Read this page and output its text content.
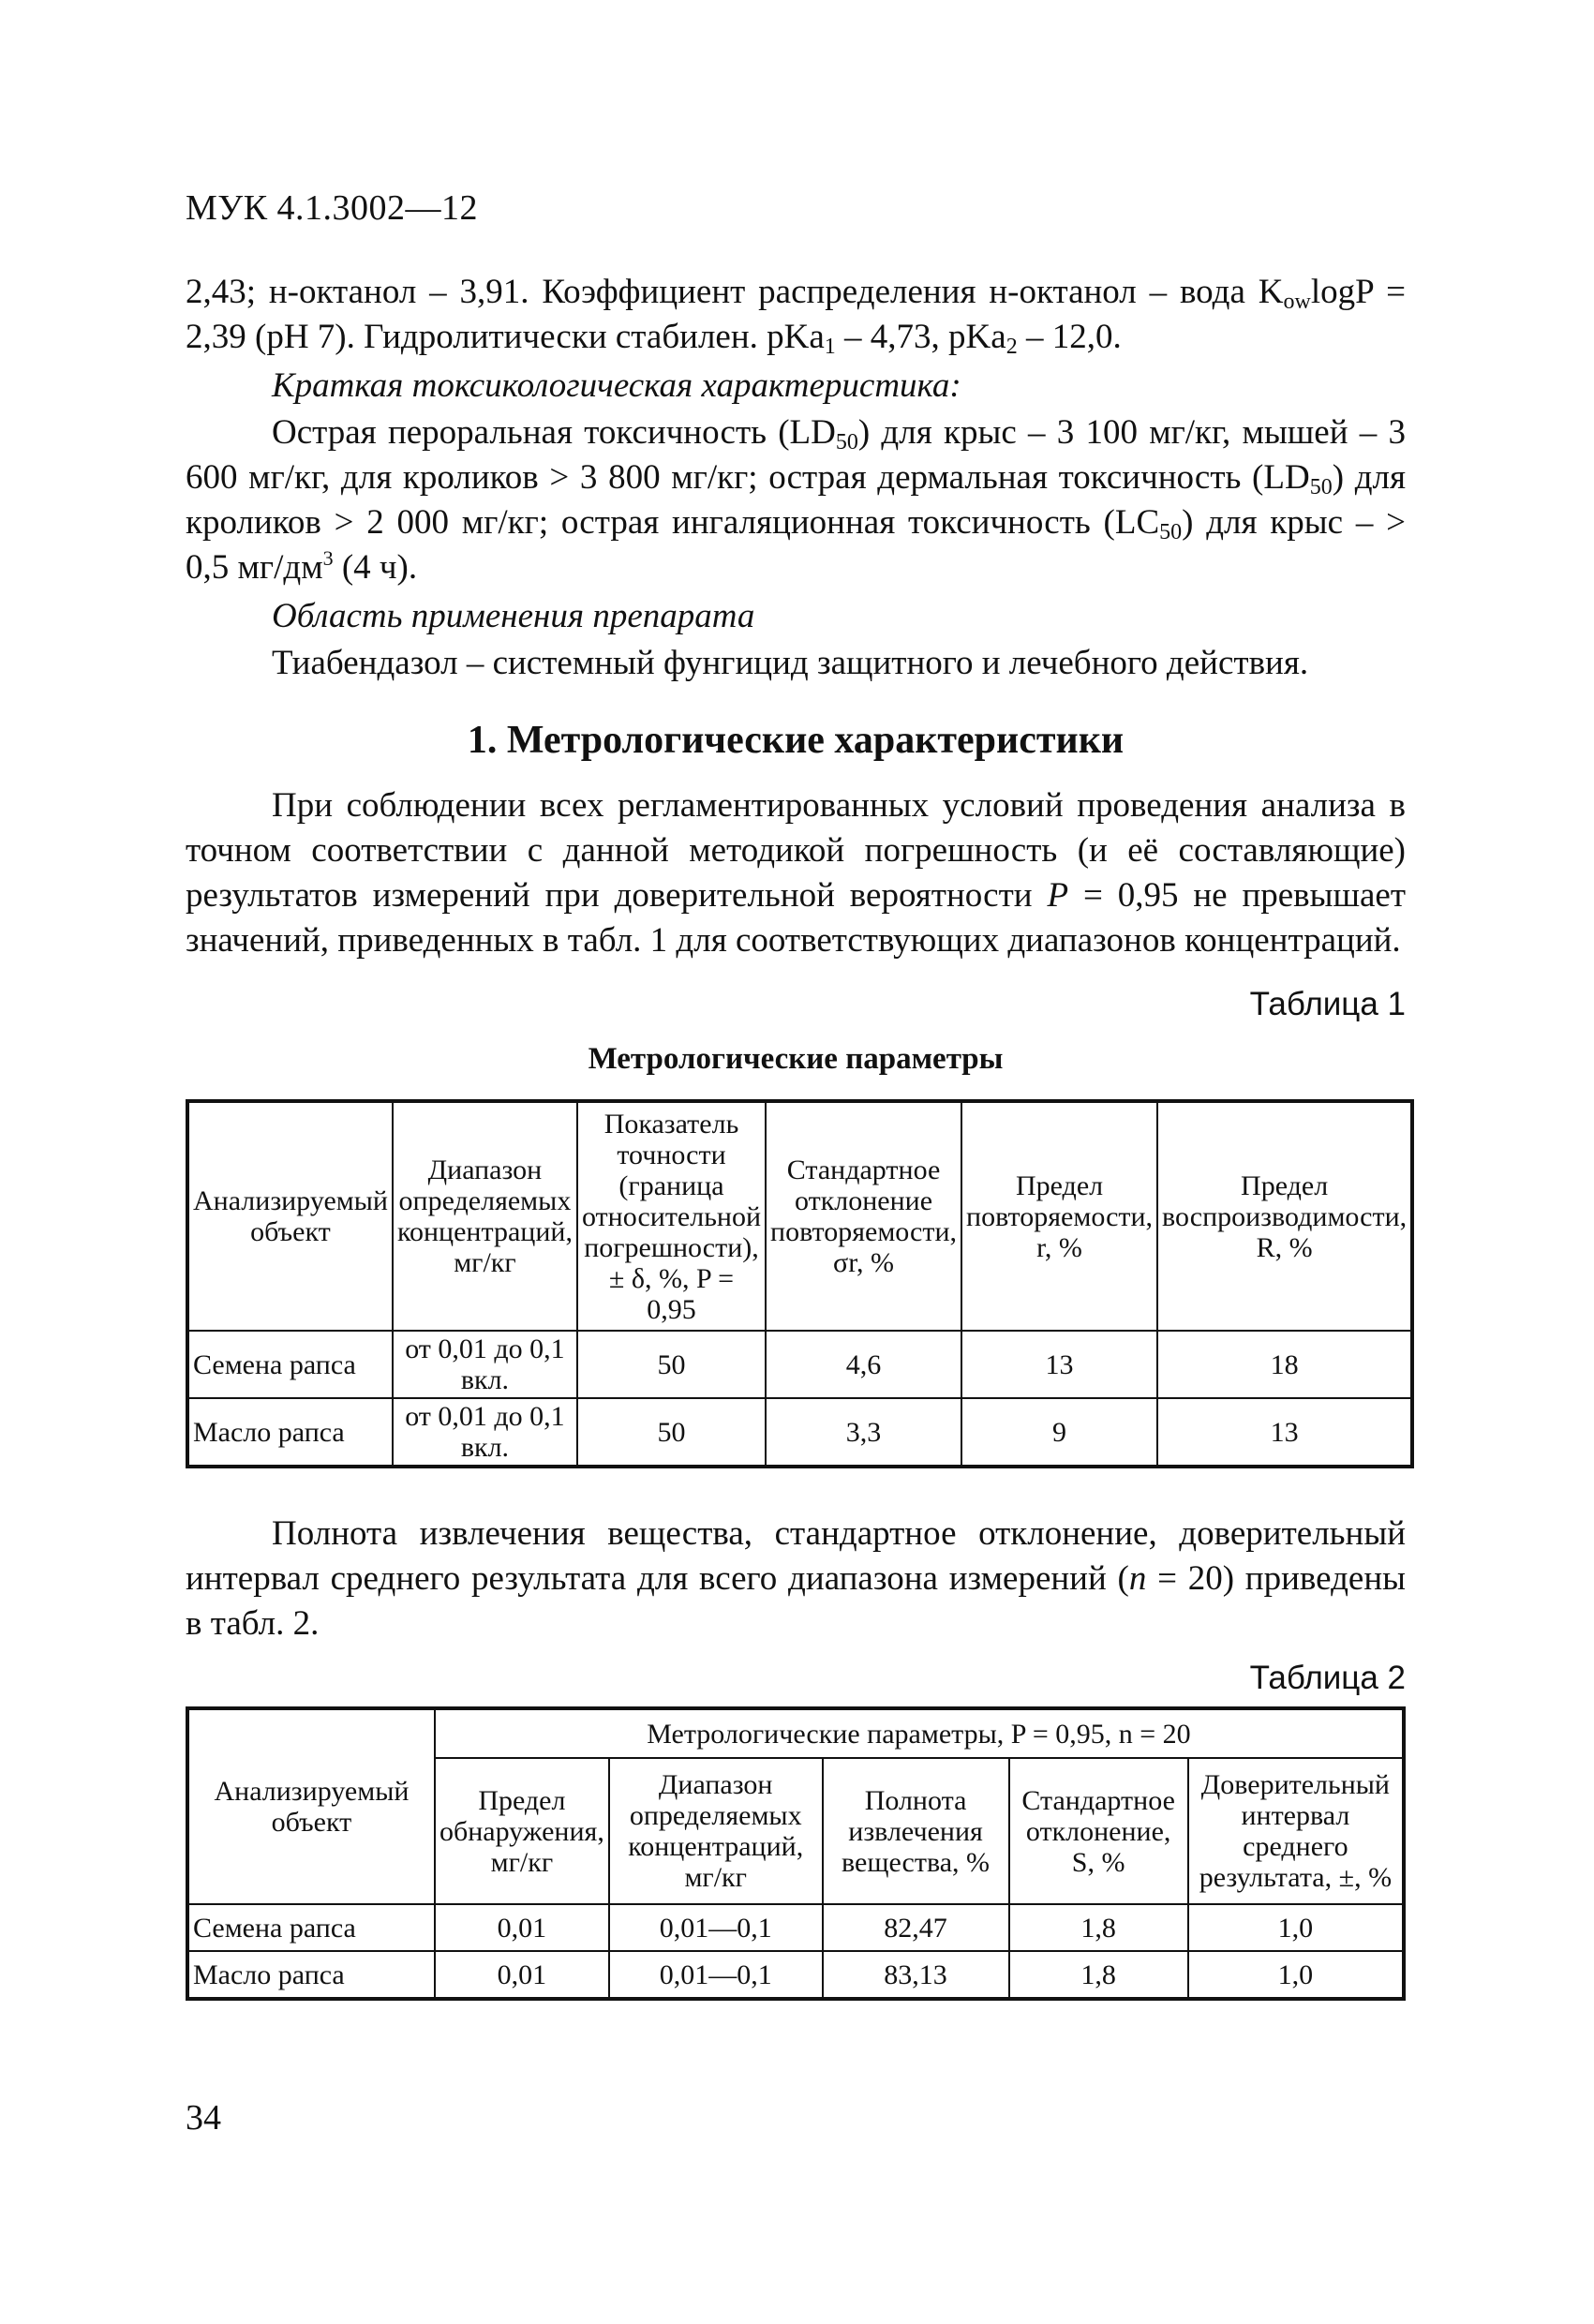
МУК 4.1.3002—12

2,43; н-октанол – 3,91. Коэффициент распределения н-октанол – вода $K_{ow}\log P = 2,39$ (pH 7). Гидролитически стабилен. pKa$_1$ – 4,73, pKa$_2$ – 12,0.

Краткая токсикологическая характеристика:

Острая пероральная токсичность $(LD_{50})$ для крыс – 3 100 мг/кг, мышей – 3 600 мг/кг, для кроликов > 3 800 мг/кг; острая дермальная токсичность $(LD_{50})$ для кроликов > 2 000 мг/кг; острая ингаляционная токсичность $(LC_{50})$ для крыс – > 0,5 $мг/дм^3$ (4 ч).

Область применения препарата

Тиабендазол – системный фунгицид защитного и лечебного действия.

1. Метрологические характеристики

При соблюдении всех регламентированных условий проведения анализа в точном соответствии с данной методикой погрешность (и её составляющие) результатов измерений при доверительной вероятности P = 0,95 не превышает значений, приведенных в табл. 1 для соответствующих диапазонов концентраций.

Таблица 1
Метрологические параметры
Анализируемый объект	Диапазон определяемых концентраций, мг/кг	Показатель точности (граница относительной погрешности), ± δ, %, P = 0,95	Стандартное отклонение повторяемости, σr, %	Предел повторяемости, r, %	Предел воспроизводимости, R, %
Семена рапса	от 0,01 до 0,1 вкл.	50	4,6	13	18
Масло рапса	от 0,01 до 0,1 вкл.	50	3,3	9	13

Полнота извлечения вещества, стандартное отклонение, доверительный интервал среднего результата для всего диапазона измерений (n = 20) приведены в табл. 2.

Таблица 2
Анализируемый объект	Метрологические параметры, P = 0,95, n = 20				
	Предел обнаружения, мг/кг	Диапазон определяемых концентраций, мг/кг	Полнота извлечения вещества, %	Стандартное отклонение, S, %	Доверительный интервал среднего результата, ±, %
Семена рапса	0,01	0,01—0,1	82,47	1,8	1,0
Масло рапса	0,01	0,01—0,1	83,13	1,8	1,0
34
